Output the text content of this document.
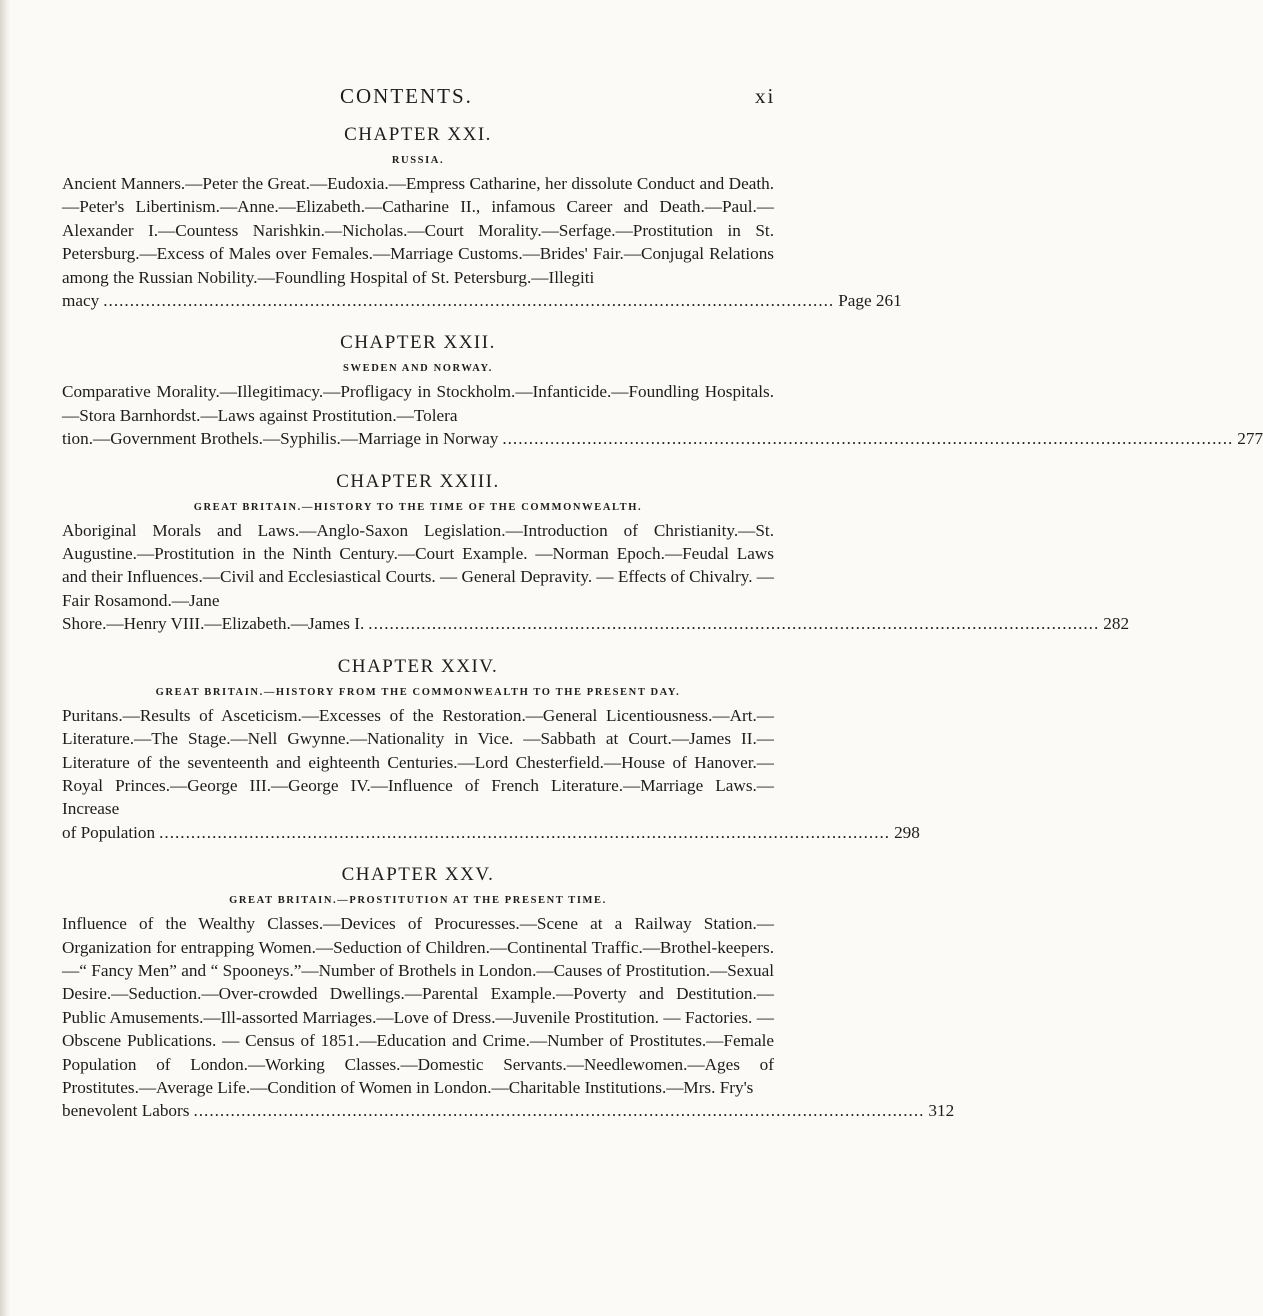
CONTENTS.	xi

CHAPTER XXI.

RUSSIA.

Ancient Manners.—Peter the Great.—Eudoxia.—Empress Catharine, her dissolute Conduct and Death.—Peter's Libertinism.—Anne.—Elizabeth.—Catharine II., infamous Career and Death.—Paul.—Alexander I.—Countess Narishkin.—Nicholas.—Court Morality.—Serfage.—Prostitution in St. Petersburg.—Excess of Males over Females.—Marriage Customs.—Brides' Fair.—Conjugal Relations among the Russian Nobility.—Foundling Hospital of St. Petersburg.—Illegiti

macy .......................................................................................................................................... Page 261

CHAPTER XXII.

SWEDEN AND NORWAY.

Comparative Morality.—Illegitimacy.—Profligacy in Stockholm.—Infanticide.—Foundling Hospitals.—Stora Barnhordst.—Laws against Prostitution.—Tolera

tion.—Government Brothels.—Syphilis.—Marriage in Norway .......................................................................................................................................... 277

CHAPTER XXIII.

GREAT BRITAIN.—HISTORY TO THE TIME OF THE COMMONWEALTH.

Aboriginal Morals and Laws.—Anglo-Saxon Legislation.—Introduction of Christianity.—St. Augustine.—Prostitution in the Ninth Century.—Court Example. —Norman Epoch.—Feudal Laws and their Influences.—Civil and Ecclesiastical Courts. — General Depravity. — Effects of Chivalry. — Fair Rosamond.—Jane

Shore.—Henry VIII.—Elizabeth.—James I. .......................................................................................................................................... 282

CHAPTER XXIV.

GREAT BRITAIN.—HISTORY FROM THE COMMONWEALTH TO THE PRESENT DAY.

Puritans.—Results of Asceticism.—Excesses of the Restoration.—General Licentiousness.—Art.—Literature.—The Stage.—Nell Gwynne.—Nationality in Vice. —Sabbath at Court.—James II.—Literature of the seventeenth and eighteenth Centuries.—Lord Chesterfield.—House of Hanover.—Royal Princes.—George III.—George IV.—Influence of French Literature.—Marriage Laws.—Increase

of Population .......................................................................................................................................... 298

CHAPTER XXV.

GREAT BRITAIN.—PROSTITUTION AT THE PRESENT TIME.

Influence of the Wealthy Classes.—Devices of Procuresses.—Scene at a Railway Station.—Organization for entrapping Women.—Seduction of Children.—Continental Traffic.—Brothel-keepers.—“ Fancy Men” and “ Spooneys.”—Number of Brothels in London.—Causes of Prostitution.—Sexual Desire.—Seduction.—Over-crowded Dwellings.—Parental Example.—Poverty and Destitution.—Public Amusements.—Ill-assorted Marriages.—Love of Dress.—Juvenile Prostitution. — Factories. — Obscene Publications. — Census of 1851.—Education and Crime.—Number of Prostitutes.—Female Population of London.—Working Classes.—Domestic Servants.—Needlewomen.—Ages of Prostitutes.—Average Life.—Condition of Women in London.—Charitable Institutions.—Mrs. Fry's

benevolent Labors .......................................................................................................................................... 312
